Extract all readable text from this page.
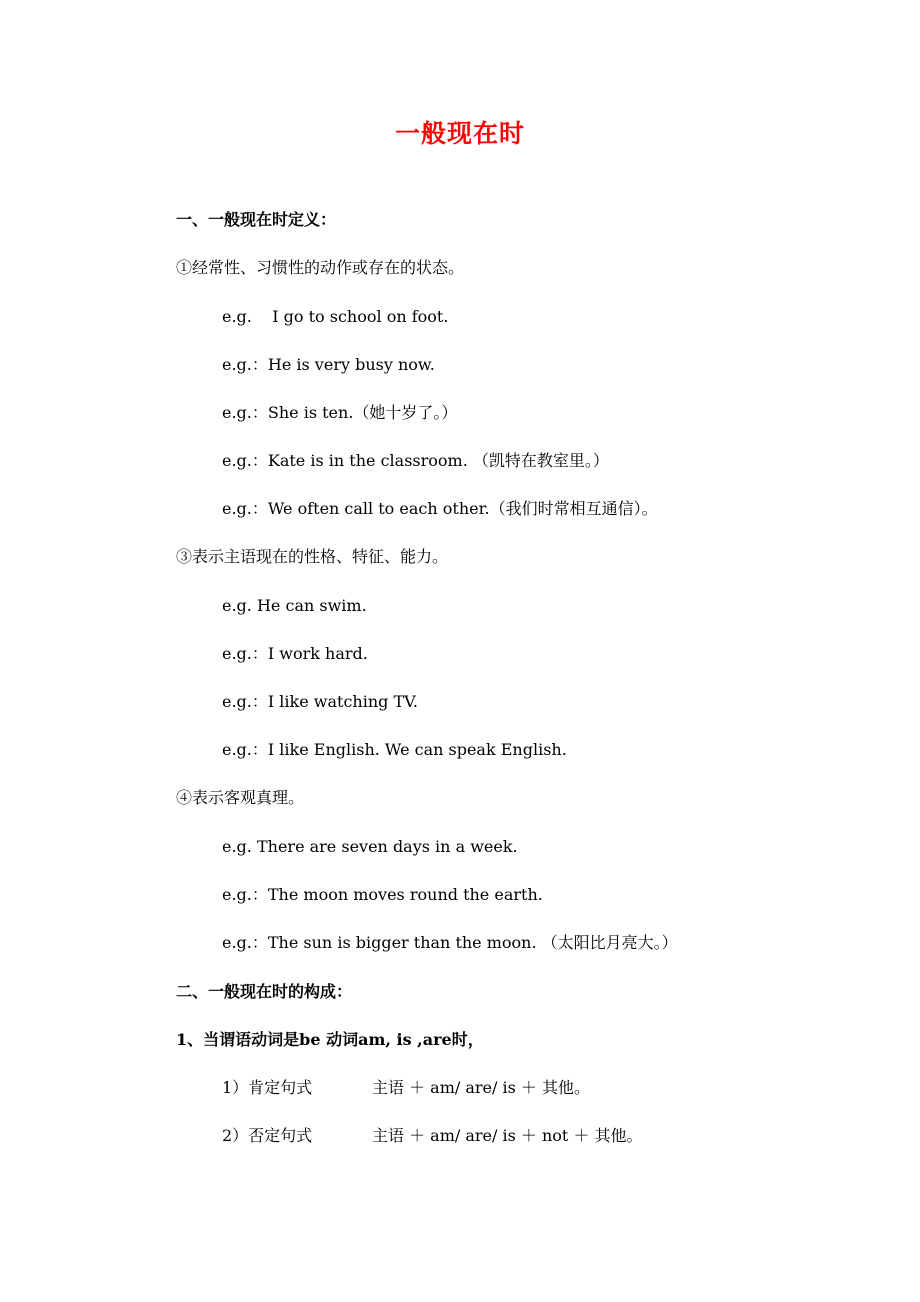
一般现在时

一、一般现在时定义：

①经常性、习惯性的动作或存在的状态。

e.g.    I go to school on foot.

e.g.：He is very busy now.

e.g.：She is ten.（她十岁了。）

e.g.：Kate is in the classroom. （凯特在教室里。）

e.g.：We often call to each other.（我们时常相互通信）。

③表示主语现在的性格、特征、能力。

e.g. He can swim.

e.g.：I work hard.

e.g.：I like watching TV.

e.g.：I like English. We can speak English.

④表示客观真理。

e.g. There are seven days in a week.

e.g.：The moon moves round the earth.

e.g.：The sun is bigger than the moon. （太阳比月亮大。）

二、一般现在时的构成：

1、当谓语动词是be 动词am, is ,are时，

1）肯定句式	主语 ＋ am/ are/ is ＋ 其他。

2）否定句式	主语 ＋ am/ are/ is ＋ not ＋ 其他。
